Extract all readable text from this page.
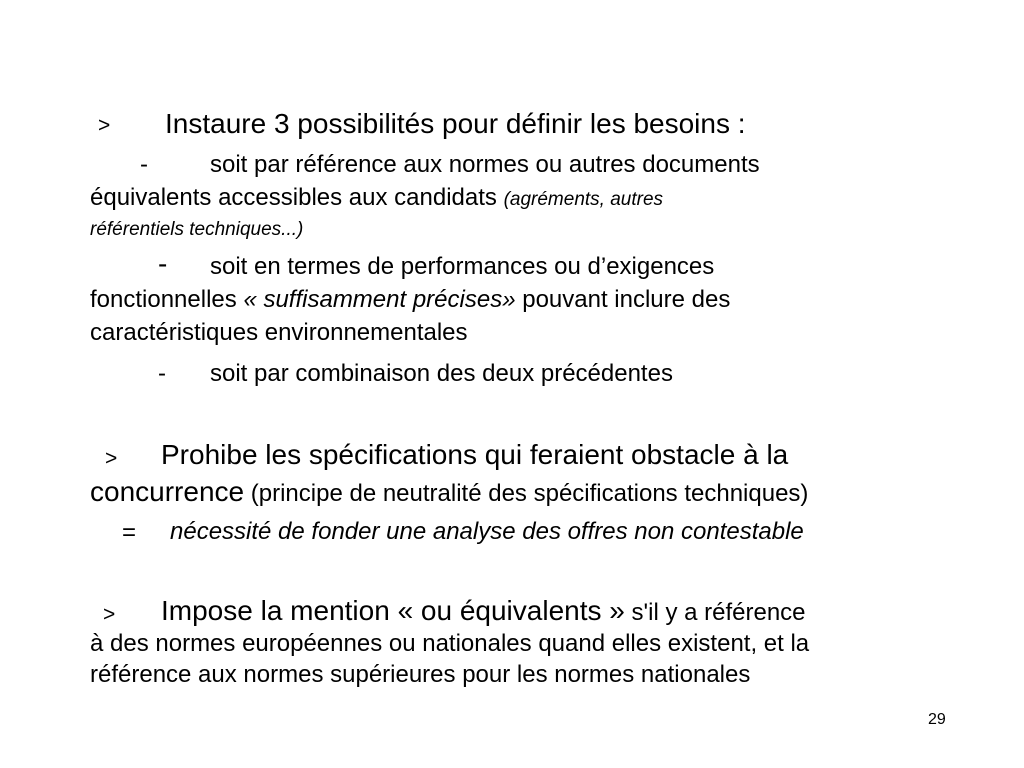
> Instaure 3 possibilités pour définir les besoins :
-	soit par référence aux normes ou autres documents
équivalents accessibles aux candidats (agréments, autres
référentiels techniques...)
- soit en termes de performances ou d’exigences
fonctionnelles « suffisamment précises» pouvant inclure des
caractéristiques environnementales
- soit par combinaison des deux précédentes
> Prohibe les spécifications qui feraient obstacle à la
concurrence (principe de neutralité des spécifications techniques)
= nécessité de fonder une analyse des offres non contestable
> Impose la mention « ou équivalents » s'il y a référence
à des normes européennes ou nationales quand elles existent, et la
référence aux normes supérieures pour les normes nationales
29
